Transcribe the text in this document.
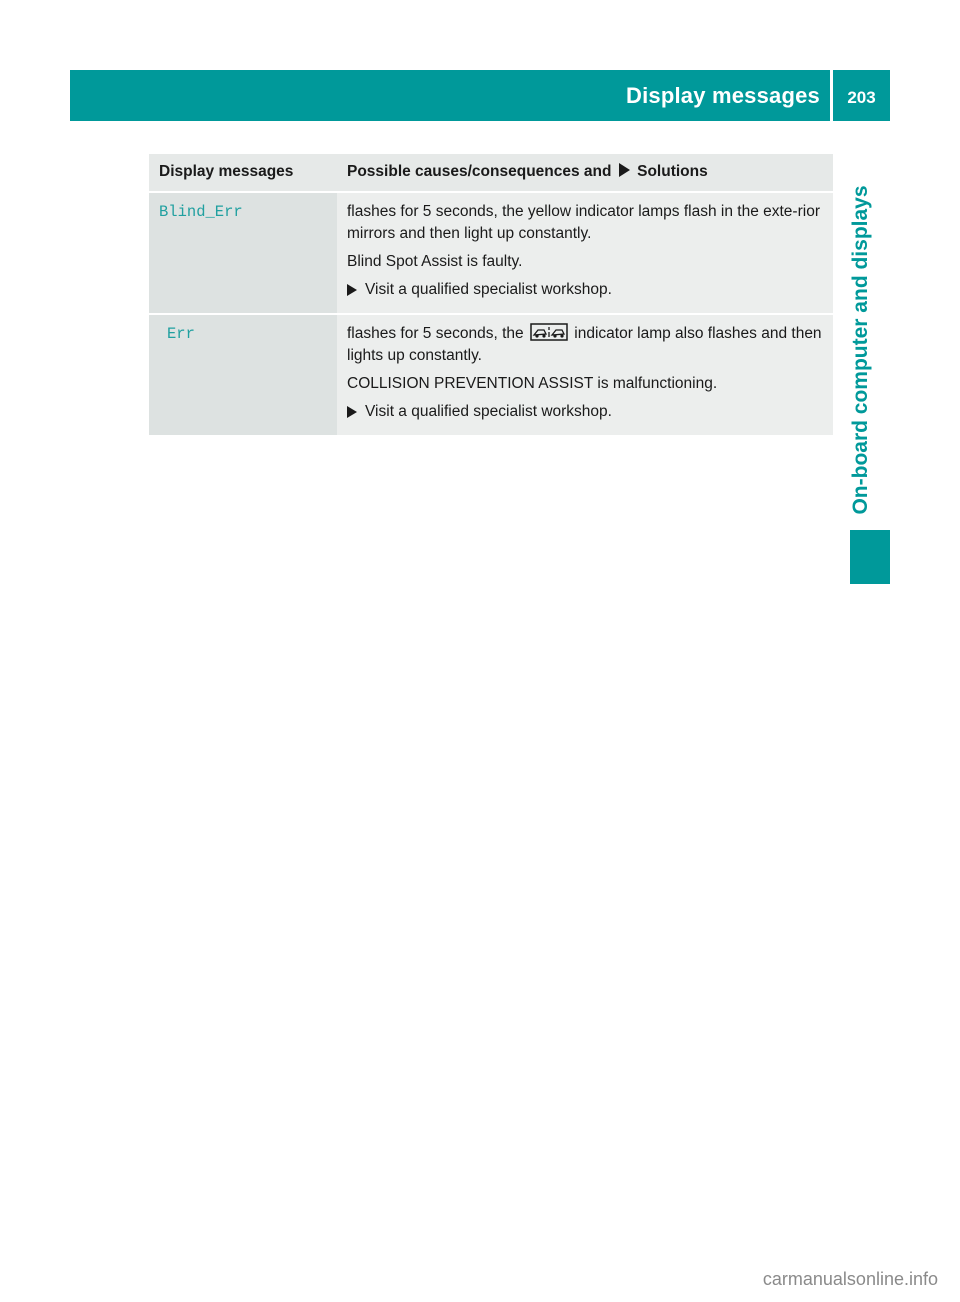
Display messages	203
On-board computer and displays
Display messages	Possible causes/consequences and Solutions
Blind_Err	flashes for 5 seconds, the yellow indicator lamps flash in the exte-rior mirrors and then light up constantly.

Blind Spot Assist is faulty.

Visit a qualified specialist workshop.

Err	flashes for 5 seconds, the indicator lamp also flashes and then lights up constantly.

COLLISION PREVENTION ASSIST is malfunctioning.

Visit a qualified specialist workshop.

carmanualsonline.info
